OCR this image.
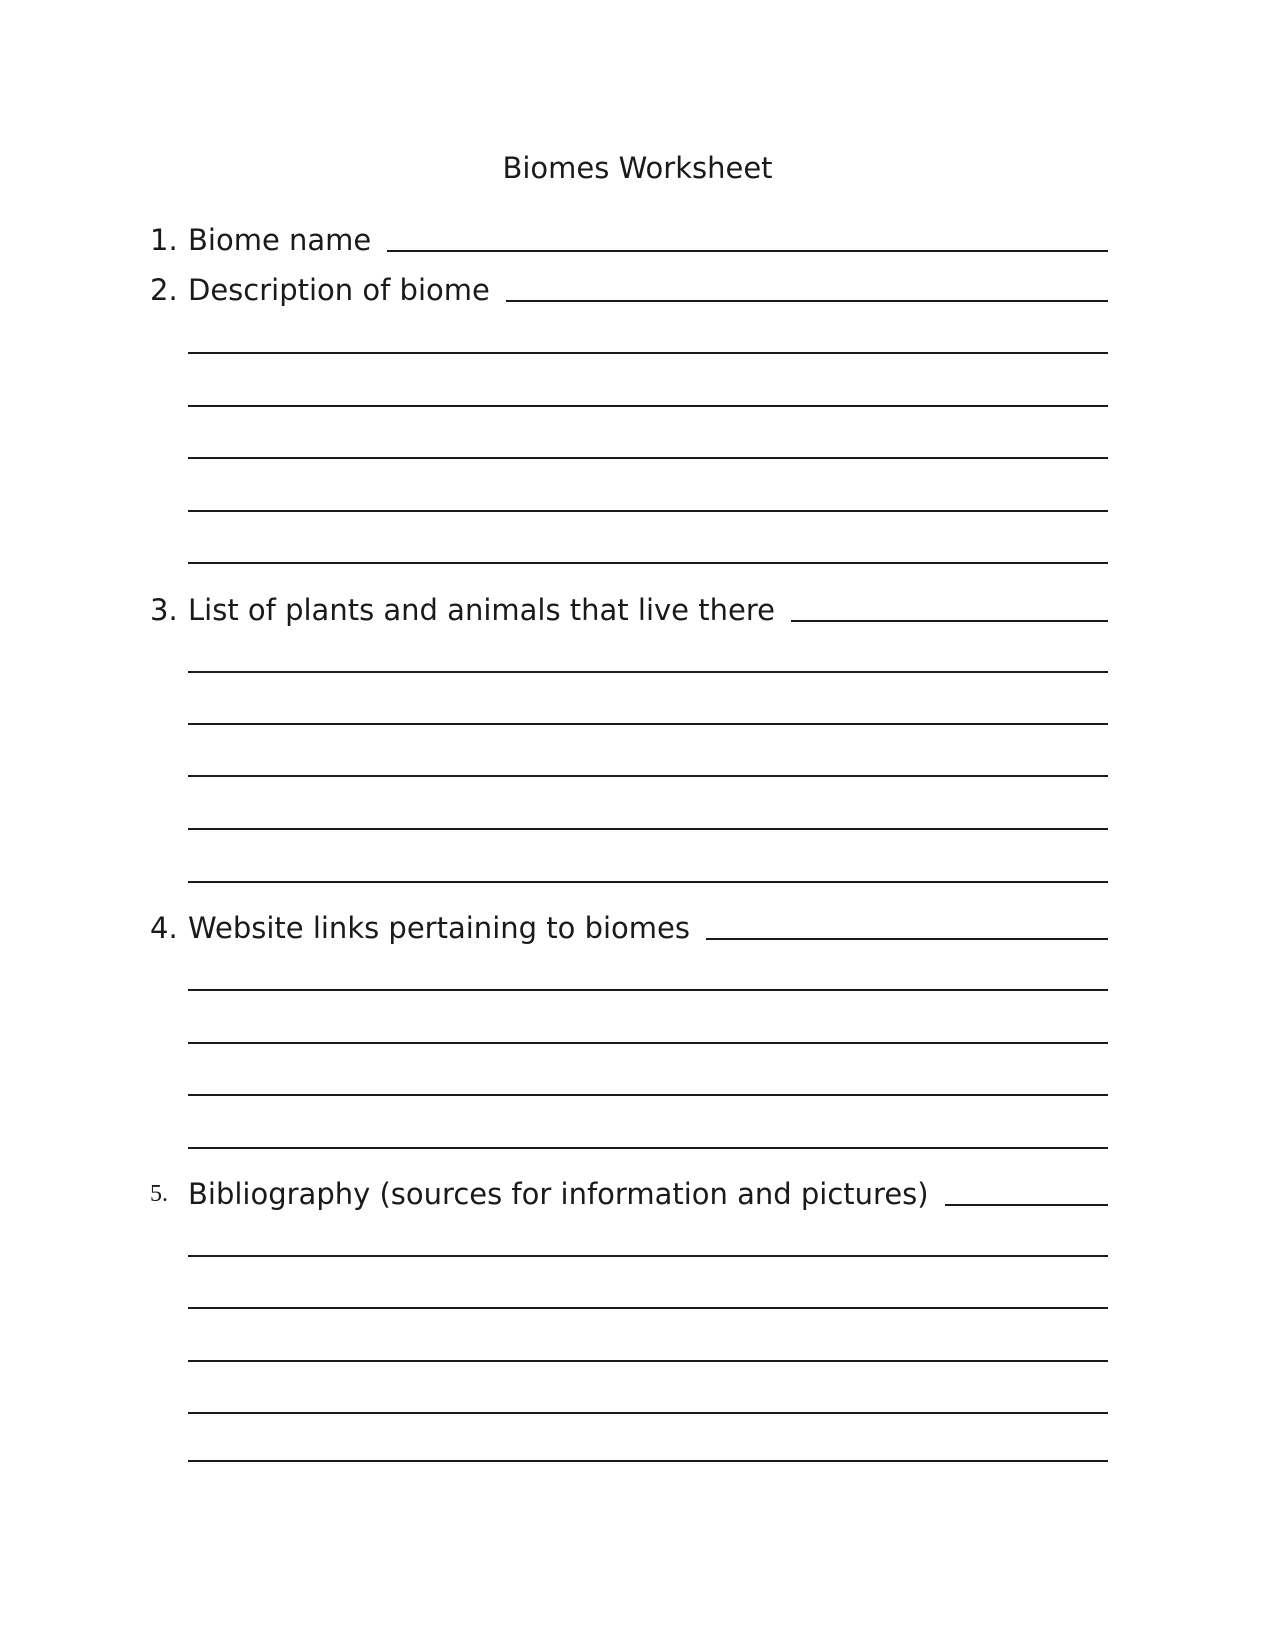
Biomes Worksheet
1. Biome name
2. Description of biome
3. List of plants and animals that live there
4. Website links pertaining to biomes
5. Bibliography (sources for information and pictures)
